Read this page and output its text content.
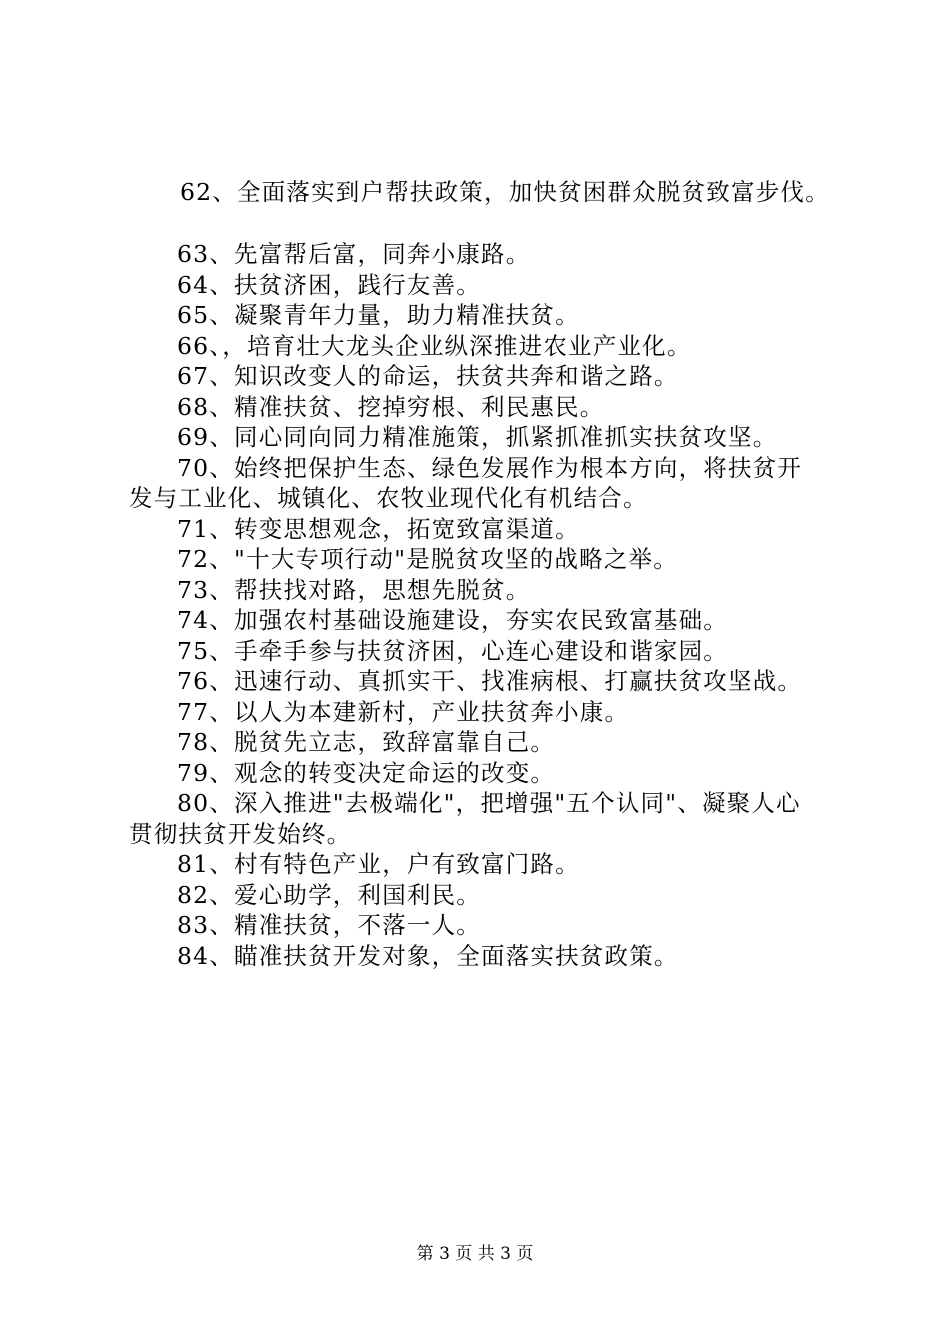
62、全面落实到户帮扶政策，加快贫困群众脱贫致富步伐。
63、先富帮后富，同奔小康路。
64、扶贫济困，践行友善。
65、凝聚青年力量，助力精准扶贫。
66、，培育壮大龙头企业纵深推进农业产业化。
67、知识改变人的命运，扶贫共奔和谐之路。
68、精准扶贫、挖掉穷根、利民惠民。
69、同心同向同力精准施策，抓紧抓准抓实扶贫攻坚。
70、始终把保护生态、绿色发展作为根本方向，将扶贫开
发与工业化、城镇化、农牧业现代化有机结合。
71、转变思想观念，拓宽致富渠道。
72、"十大专项行动"是脱贫攻坚的战略之举。
73、帮扶找对路，思想先脱贫。
74、加强农村基础设施建设，夯实农民致富基础。
75、手牵手参与扶贫济困，心连心建设和谐家园。
76、迅速行动、真抓实干、找准病根、打赢扶贫攻坚战。
77、以人为本建新村，产业扶贫奔小康。
78、脱贫先立志，致辞富靠自己。
79、观念的转变决定命运的改变。
80、深入推进"去极端化"，把增强"五个认同"、凝聚人心
贯彻扶贫开发始终。
81、村有特色产业，户有致富门路。
82、爱心助学，利国利民。
83、精准扶贫，不落一人。
84、瞄准扶贫开发对象，全面落实扶贫政策。
第 3 页 共 3 页
